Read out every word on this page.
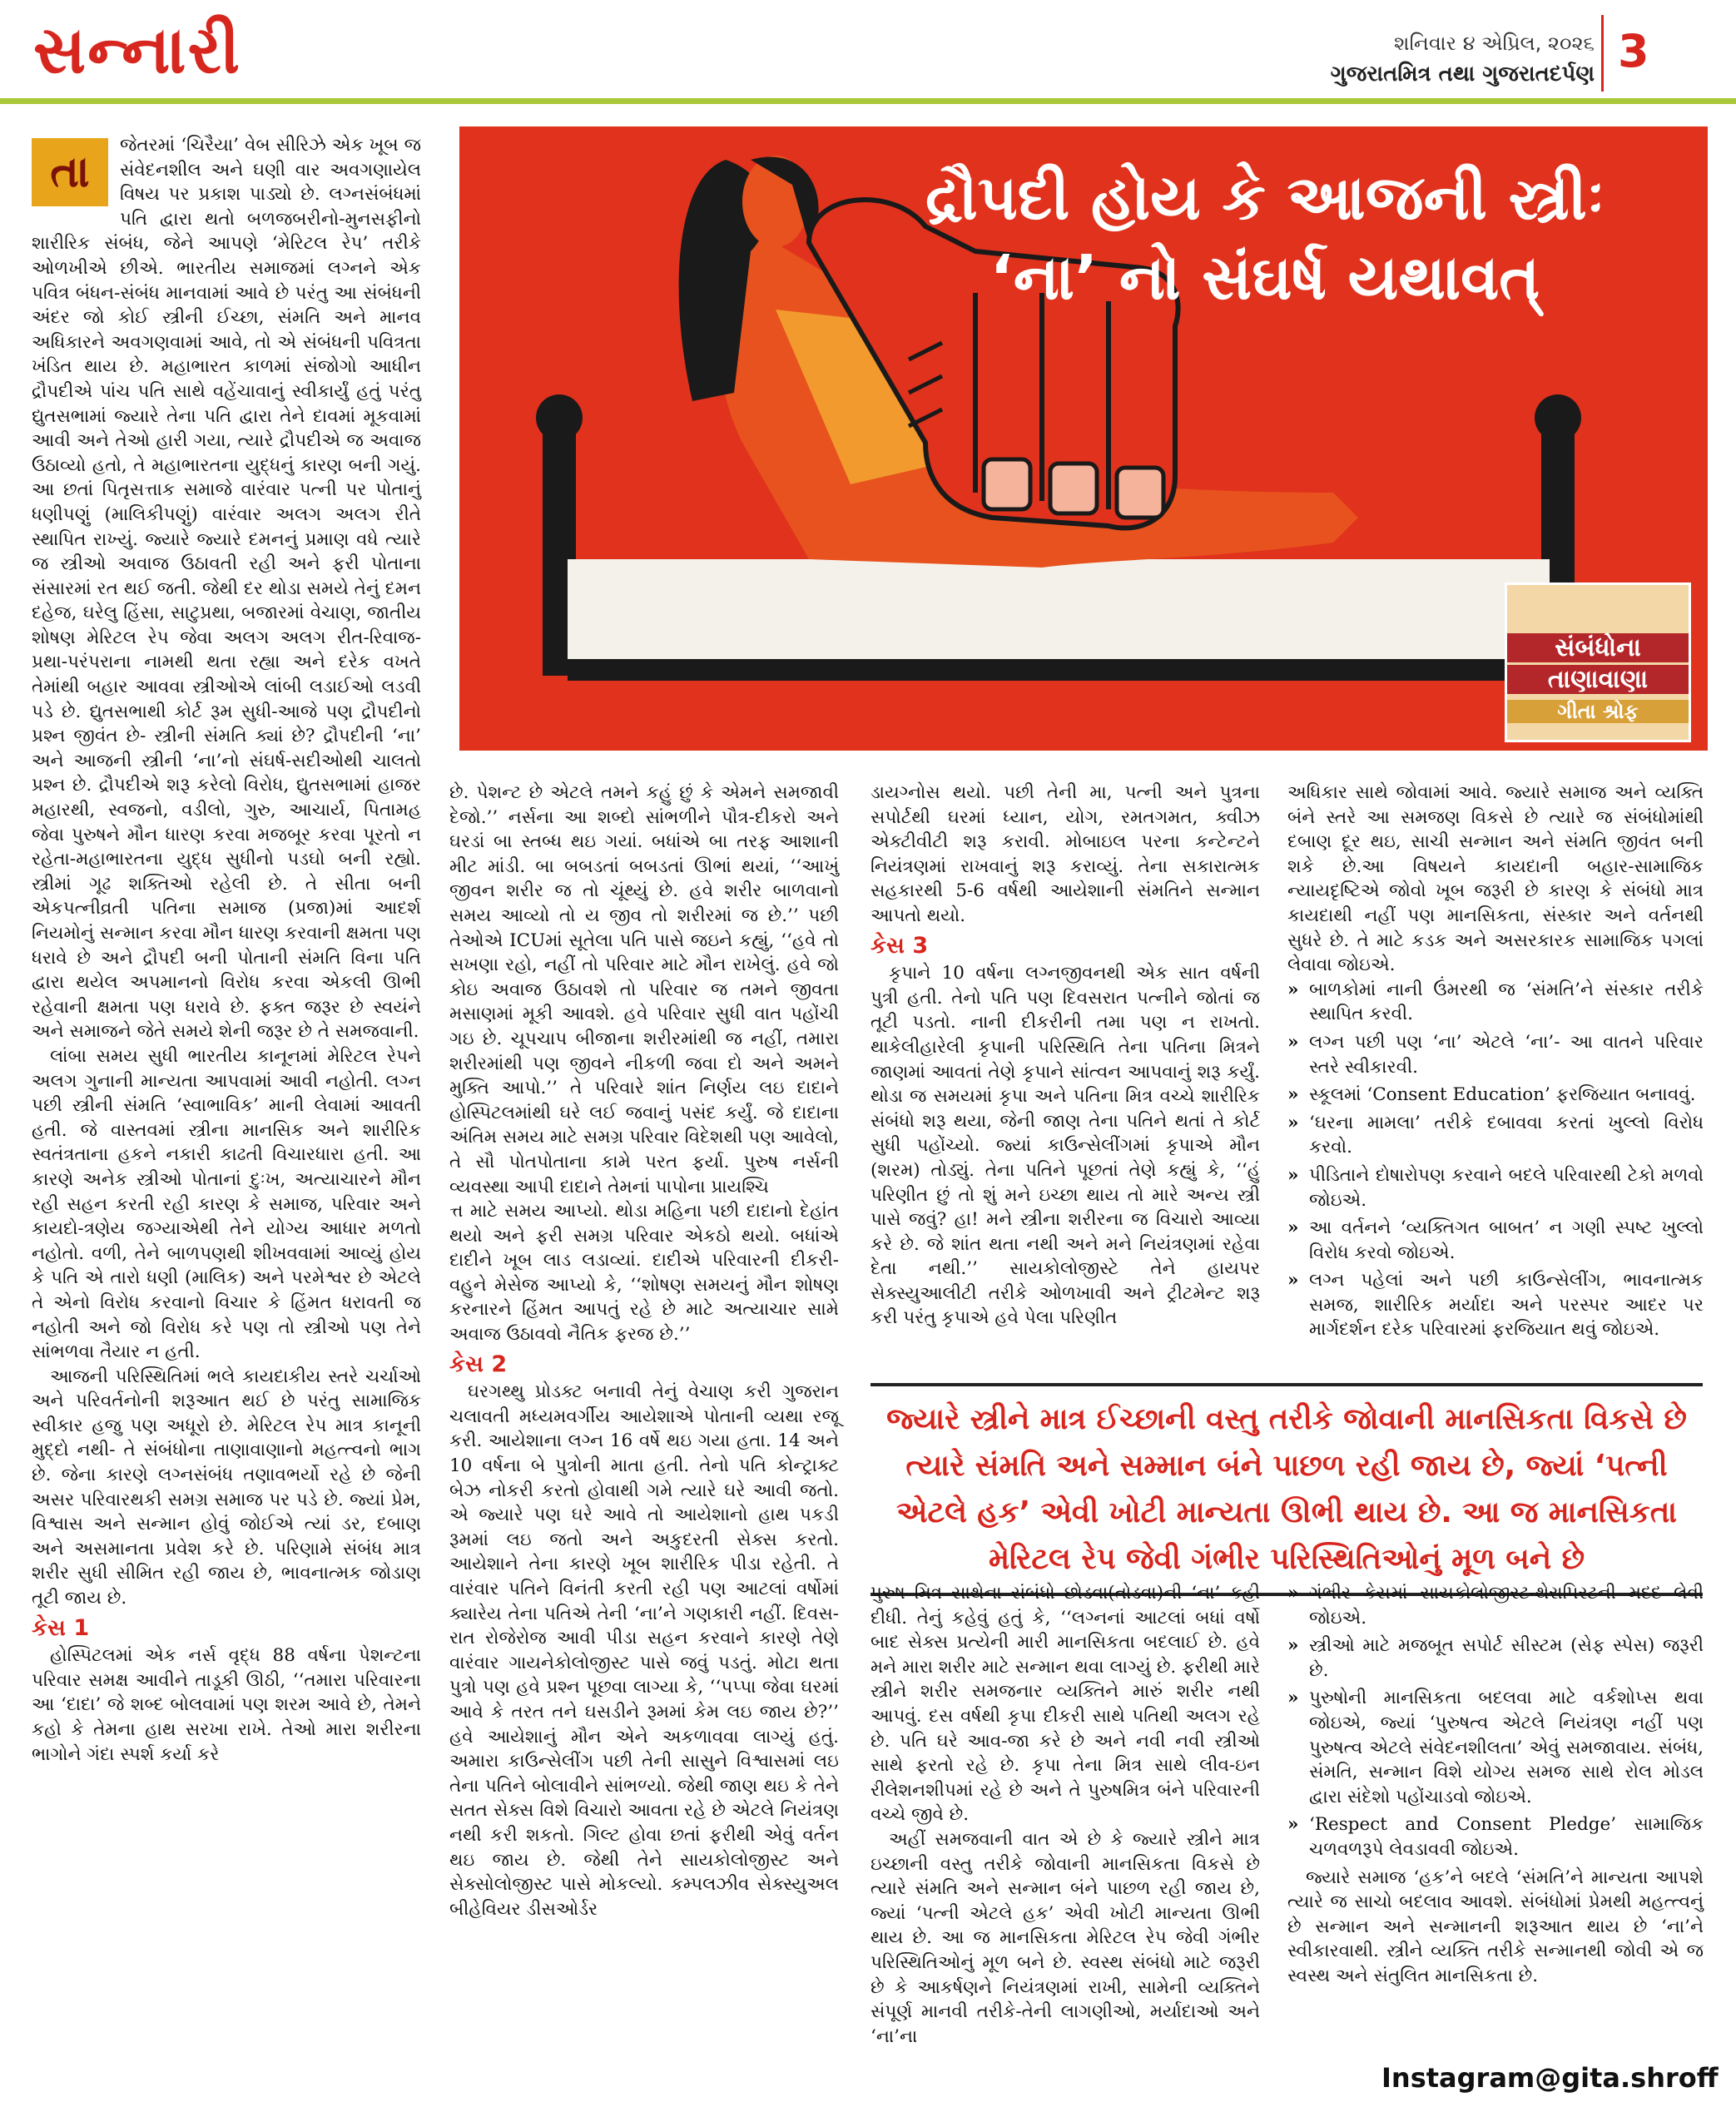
સન્નારી	શનિવાર ૪ એપ્રિલ, ૨૦૨૬
ગુજરાતમિત્ર તથા ગુજરાતદર્પણ 3
દ્રૌપદી હોય કે આજની સ્ત્રીઃ
‘ના’ નો સંઘર્ષ યથાવત્‌
સંબંધોના
તાણાવાણા
ગીતા શ્રોફ
તા

જેતરમાં ‘ચિરૈયા’ વેબ સીરિઝે એક ખૂબ જ સંવેદનશીલ અને ઘણી વાર અવગણાયેલ વિષય પર પ્રકાશ પાડ્યો છે. લગ્નસંબંધમાં પતિ દ્વારા થતો બળજબરીનો-મુનસફીનો શારીરિક સંબંધ, જેને આપણે ‘મેરિટલ રેપ’ તરીકે ઓળખીએ છીએ. ભારતીય સમાજમાં લગ્નને એક પવિત્ર બંધન-સંબંધ માનવામાં આવે છે પરંતુ આ સંબંધની અંદર જો કોઈ સ્ત્રીની ઈચ્છા, સંમતિ અને માનવ અધિકારને અવગણવામાં આવે, તો એ સંબંધની પવિત્રતા ખંડિત થાય છે. મહાભારત કાળમાં સંજોગો આધીન દ્રૌપદીએ પાંચ પતિ સાથે વહેંચાવાનું સ્વીકાર્યું હતું પરંતુ દ્યુતસભામાં જ્યારે તેના પતિ દ્વારા તેને દાવમાં મૂકવામાં આવી અને તેઓ હારી ગયા, ત્યારે દ્રૌપદીએ જ અવાજ ઉઠાવ્યો હતો, તે મહાભારતના યુદ્ધનું કારણ બની ગયું. આ છતાં પિતૃસત્તાક સમાજે વારંવાર પત્ની પર પોતાનું ધણીપણું (માલિકીપણું) વારંવાર અલગ અલગ રીતે સ્થાપિત રાખ્યું. જ્યારે જ્યારે દમનનું પ્રમાણ વધે ત્યારે જ સ્ત્રીઓ અવાજ ઉઠાવતી રહી અને ફરી પોતાના સંસારમાં રત થઈ જતી. જેથી દર થોડા સમયે તેનું દમન દહેજ, ઘરેલુ હિંસા, સાટુપ્રથા, બજારમાં વેચાણ, જાતીય શોષણ મેરિટલ રેપ જેવા અલગ અલગ રીત-રિવાજ-પ્રથા-પરંપરાના નામથી થતા રહ્યા અને દરેક વખતે તેમાંથી બહાર આવવા સ્ત્રીઓએ લાંબી લડાઈઓ લડવી પડે છે. દ્યુતસભાથી કોર્ટ રૂમ સુધી-આજે પણ દ્રૌપદીનો પ્રશ્ન જીવંત છે- સ્ત્રીની સંમતિ ક્યાં છે? દ્રૌપદીની ‘ના’ અને આજની સ્ત્રીની ‘ના’નો સંઘર્ષ-સદીઓથી ચાલતો પ્રશ્ન છે. દ્રૌપદીએ શરૂ કરેલો વિરોધ, દ્યુતસભામાં હાજર મહારથી, સ્વજનો, વડીલો, ગુરુ, આચાર્ય, પિતામહ જેવા પુરુષને મૌન ધારણ કરવા મજબૂર કરવા પૂરતો ન રહેતા-મહાભારતના યુદ્ધ સુધીનો પડઘો બની રહ્યો. સ્ત્રીમાં ગૂઢ શક્તિઓ રહેલી છે. તે સીતા બની એકપત્નીવ્રતી પતિના સમાજ (પ્રજા)માં આદર્શ નિયમોનું સન્માન કરવા મૌન ધારણ કરવાની ક્ષમતા પણ ધરાવે છે અને દ્રૌપદી બની પોતાની સંમતિ વિના પતિ દ્વારા થયેલ અપમાનનો વિરોધ કરવા એકલી ઊભી રહેવાની ક્ષમતા પણ ધરાવે છે. ફક્ત જરૂર છે સ્વયંને અને સમાજને જેતે સમયે શેની જરૂર છે તે સમજવાની.

લાંબા સમય સુધી ભારતીય કાનૂનમાં મેરિટલ રેપને અલગ ગુનાની માન્યતા આપવામાં આવી નહોતી. લગ્ન પછી સ્ત્રીની સંમતિ ‘સ્વાભાવિક’ માની લેવામાં આવતી હતી. જે વાસ્તવમાં સ્ત્રીના માનસિક અને શારીરિક સ્વતંત્રતાના હકને નકારી કાઢતી વિચારધારા હતી. આ કારણે અનેક સ્ત્રીઓ પોતાનાં દુઃખ, અત્યાચારને મૌન રહી સહન કરતી રહી કારણ કે સમાજ, પરિવાર અને કાયદો-ત્રણેય જગ્યાએથી તેને યોગ્ય આધાર મળતો નહોતો. વળી, તેને બાળપણથી શીખવવામાં આવ્યું હોય કે પતિ એ તારો ધણી (માલિક) અને પરમેશ્વર છે એટલે તે એનો વિરોધ કરવાનો વિચાર કે હિંમત ધરાવતી જ નહોતી અને જો વિરોધ કરે પણ તો સ્ત્રીઓ પણ તેને સાંભળવા તૈયાર ન હતી.

આજની પરિસ્થિતિમાં ભલે કાયદાકીય સ્તરે ચર્ચાઓ અને પરિવર્તનોની શરૂઆત થઈ છે પરંતુ સામાજિક સ્વીકાર હજુ પણ અધૂરો છે. મેરિટલ રેપ માત્ર કાનૂની મુદ્દો નથી- તે સંબંધોના તાણાવાણાનો મહત્ત્વનો ભાગ છે. જેના કારણે લગ્નસંબંધ તણાવભર્યો રહે છે જેની અસર પરિવારથકી સમગ્ર સમાજ પર પડે છે. જ્યાં પ્રેમ, વિશ્વાસ અને સન્માન હોવું જોઈએ ત્યાં ડર, દબાણ અને અસમાનતા પ્રવેશ કરે છે. પરિણામે સંબંધ માત્ર શરીર સુધી સીમિત રહી જાય છે, ભાવનાત્મક જોડાણ તૂટી જાય છે.

કેસ 1

હોસ્પિટલમાં એક નર્સ વૃદ્ધ 88 વર્ષના પેશન્ટના પરિવાર સમક્ષ આવીને તાડૂકી ઊઠી, ‘‘તમારા પરિવારના આ ‘દાદા’ જે શબ્દ બોલવામાં પણ શરમ આવે છે, તેમને કહો કે તેમના હાથ સરખા રાખે. તેઓ મારા શરીરના ભાગોને ગંદા સ્પર્શ કર્યા કરે

છે. પેશન્ટ છે એટલે તમને કહું છું કે એમને સમજાવી દેજો.’’ નર્સના આ શબ્દો સાંભળીને પૌત્ર-દીકરો અને ઘરડાં બા સ્તબ્ધ થઇ ગયાં. બધાંએ બા તરફ આશાની મીટ માંડી. બા બબડતાં બબડતાં ઊભાં થયાં, ‘‘આખું જીવન શરીર જ તો ચૂંથ્યું છે. હવે શરીર બાળવાનો સમય આવ્યો તો ય જીવ તો શરીરમાં જ છે.’’ પછી તેઓએ ICUમાં સૂતેલા પતિ પાસે જઇને કહ્યું, ‘‘હવે તો સખણા રહો, નહીં તો પરિવાર માટે મૌન રાખેલું. હવે જો કોઇ અવાજ ઉઠાવશે તો પરિવાર જ તમને જીવતા મસાણમાં મૂકી આવશે. હવે પરિવાર સુધી વાત પહોંચી ગઇ છે. ચૂપચાપ બીજાના શરીરમાંથી જ નહીં, તમારા શરીરમાંથી પણ જીવને નીકળી જવા દો અને અમને મુક્તિ આપો.’’ તે પરિવારે શાંત નિર્ણય લઇ દાદાને હોસ્પિટલમાંથી ઘરે લઈ જવાનું પસંદ કર્યું. જે દાદાના અંતિમ સમય માટે સમગ્ર પરિવાર વિદેશથી પણ આવેલો, તે સૌ પોતપોતાના કામે પરત ફર્યા. પુરુષ નર્સની વ્યવસ્થા આપી દાદાને તેમનાં પાપોના પ્રાયશ્ચિ

ત્ત માટે સમય આપ્યો. થોડા મહિના પછી દાદાનો દેહાંત થયો અને ફરી સમગ્ર પરિવાર એકઠો થયો. બધાંએ દાદીને ખૂબ લાડ લડાવ્યાં. દાદીએ પરિવારની દીકરી-વહુને મેસેજ આપ્યો કે, ‘‘શોષણ સમયનું મૌન શોષણ કરનારને હિંમત આપતું રહે છે માટે અત્યાચાર સામે અવાજ ઉઠાવવો નૈતિક ફરજ છે.’’

કેસ 2

ઘરગથ્થુ પ્રોડક્ટ બનાવી તેનું વેચાણ કરી ગુજરાન ચલાવતી મધ્યમવર્ગીય આયેશાએ પોતાની વ્યથા રજૂ કરી. આયેશાના લગ્ન 16 વર્ષે થઇ ગયા હતા. 14 અને 10 વર્ષના બે પુત્રોની માતા હતી. તેનો પતિ કોન્ટ્રાક્ટ બેઝ નોકરી કરતો હોવાથી ગમે ત્યારે ઘરે આવી જતો. એ જ્યારે પણ ઘરે આવે તો આયેશાનો હાથ પકડી રૂમમાં લઇ જતો અને અકુદરતી સેક્સ કરતો. આયેશાને તેના કારણે ખૂબ શારીરિક પીડા રહેતી. તે વારંવાર પતિને વિનંતી કરતી રહી પણ આટલાં વર્ષોમાં ક્યારેય તેના પતિએ તેની ‘ના’ને ગણકારી નહીં. દિવસ-રાત રોજેરોજ આવી પીડા સહન કરવાને કારણે તેણે વારંવાર ગાયનેકોલોજીસ્ટ પાસે જવું પડતું. મોટા થતા પુત્રો પણ હવે પ્રશ્ન પૂછવા લાગ્યા કે, ‘‘પપ્પા જેવા ઘરમાં આવે કે તરત તને ઘસડીને રૂમમાં કેમ લઇ જાય છે?’’ હવે આયેશાનું મૌન એને અકળાવવા લાગ્યું હતું. અમારા કાઉન્સેલીંગ પછી તેની સાસુને વિશ્વાસમાં લઇ તેના પતિને બોલાવીને સાંભળ્યો. જેથી જાણ થઇ કે તેને સતત સેક્સ વિશે વિચારો આવતા રહે છે એટલે નિયંત્રણ નથી કરી શકતો. ગિલ્ટ હોવા છતાં ફરીથી એવું વર્તન થઇ જાય છે. જેથી તેને સાયકોલોજીસ્ટ અને સેક્સોલોજીસ્ટ પાસે મોકલ્યો. કમ્પલઝીવ સેક્સ્યુઅલ બીહેવિયર ડીસઓર્ડર

ડાયગ્નોસ થયો. પછી તેની મા, પત્ની અને પુત્રના સપોર્ટથી ઘરમાં ધ્યાન, યોગ, રમતગમત, ક્વીઝ એક્ટીવીટી શરૂ કરાવી. મોબાઇલ પરના કન્ટેન્ટને નિયંત્રણમાં રાખવાનું શરૂ કરાવ્યું. તેના સકારાત્મક સહકારથી 5-6 વર્ષથી આયેશાની સંમતિને સન્માન આપતો થયો.

કેસ 3

કૃપાને 10 વર્ષના લગ્નજીવનથી એક સાત વર્ષની પુત્રી હતી. તેનો પતિ પણ દિવસરાત પત્નીને જોતાં જ તૂટી પડતો. નાની દીકરીની તમા પણ ન રાખતો. થાકેલીહારેલી કૃપાની પરિસ્થિતિ તેના પતિના મિત્રને જાણમાં આવતાં તેણે કૃપાને સાંત્વન આપવાનું શરૂ કર્યું. થોડા જ સમયમાં કૃપા અને પતિના મિત્ર વચ્ચે શારીરિક સંબંધો શરૂ થયા, જેની જાણ તેના પતિને થતાં તે કોર્ટ સુધી પહોંચ્યો. જ્યાં કાઉન્સેલીંગમાં કૃપાએ મૌન (શરમ) તોડ્યું. તેના પતિને પૂછતાં તેણે કહ્યું કે, ‘‘હું પરિણીત છું તો શું મને ઇચ્છા થાય તો મારે અન્ય સ્ત્રી પાસે જવું? હા! મને સ્ત્રીના શરીરના જ વિચારો આવ્યા કરે છે. જે શાંત થતા નથી અને મને નિયંત્રણમાં રહેવા દેતા નથી.’’ સાયકોલોજીસ્ટે તેને હાયપર સેક્સ્યુઆલીટી તરીકે ઓળખાવી અને ટ્રીટમેન્ટ શરૂ કરી પરંતુ કૃપાએ હવે પેલા પરિણીત

અધિકાર સાથે જોવામાં આવે. જ્યારે સમાજ અને વ્યક્તિ બંને સ્તરે આ સમજણ વિકસે છે ત્યારે જ સંબંધોમાંથી દબાણ દૂર થઇ, સાચી સન્માન અને સંમતિ જીવંત બની શકે છે.આ વિષયને કાયદાની બહાર-સામાજિક ન્યાયદૃષ્ટિએ જોવો ખૂબ જરૂરી છે કારણ કે સંબંધો માત્ર કાયદાથી નહીં પણ માનસિકતા, સંસ્કાર અને વર્તનથી સુધરે છે. તે માટે કડક અને અસરકારક સામાજિક પગલાં લેવાવા જોઇએ.

» બાળકોમાં નાની ઉંમરથી જ ‘સંમતિ’ને સંસ્કાર તરીકે સ્થાપિત કરવી.
» લગ્ન પછી પણ ‘ના’ એટલે ‘ના’- આ વાતને પરિવાર સ્તરે સ્વીકારવી.
» સ્કૂલમાં ‘Consent Education’ ફરજિયાત બનાવવું.
» ‘ઘરના મામલા’ તરીકે દબાવવા કરતાં ખુલ્લો વિરોધ કરવો.
» પીડિતાને દોષારોપણ કરવાને બદલે પરિવારથી ટેકો મળવો જોઇએ.
» આ વર્તનને ‘વ્યક્તિગત બાબત’ ન ગણી સ્પષ્ટ ખુલ્લો વિરોધ કરવો જોઇએ.
» લગ્ન પહેલાં અને પછી કાઉન્સેલીંગ, ભાવનાત્મક સમજ, શારીરિક મર્યાદા અને પરસ્પર આદર પર માર્ગદર્શન દરેક પરિવારમાં ફરજિયાત થવું જોઇએ.
જ્યારે સ્ત્રીને માત્ર ઈચ્છાની વસ્તુ તરીકે જોવાની માનસિકતા વિકસે છે ત્યારે સંમતિ અને સમ્માન બંને પાછળ રહી જાય છે, જ્યાં ‘પત્ની એટલે હક’ એવી ખોટી માન્યતા ઊભી થાય છે. આ જ માનસિકતા મેરિટલ રેપ જેવી ગંભીર પરિસ્થિતિઓનું મૂળ બને છે

પુરુષ મિત્ર સાથેના સંબંધો છોડવા(તોડવા)ની ‘ના’ કહી દીધી. તેનું કહેવું હતું કે, ‘‘લગ્નનાં આટલાં બધાં વર્ષો બાદ સેક્સ પ્રત્યેની મારી માનસિકતા બદલાઈ છે. હવે મને મારા શરીર માટે સન્માન થવા લાગ્યું છે. ફરીથી મારે સ્ત્રીને શરીર સમજનાર વ્યક્તિને મારું શરીર નથી આપવું. દસ વર્ષથી કૃપા દીકરી સાથે પતિથી અલગ રહે છે. પતિ ઘરે આવ-જા કરે છે અને નવી નવી સ્ત્રીઓ સાથે ફરતો રહે છે. કૃપા તેના મિત્ર સાથે લીવ-ઇન રીલેશનશીપમાં રહે છે અને તે પુરુષમિત્ર બંને પરિવારની વચ્ચે જીવે છે.

અહીં સમજવાની વાત એ છે કે જ્યારે સ્ત્રીને માત્ર ઇચ્છાની વસ્તુ તરીકે જોવાની માનસિકતા વિકસે છે ત્યારે સંમતિ અને સન્માન બંને પાછળ રહી જાય છે, જ્યાં ‘પત્ની એટલે હક’ એવી ખોટી માન્યતા ઊભી થાય છે. આ જ માનસિકતા મેરિટલ રેપ જેવી ગંભીર પરિસ્થિતિઓનું મૂળ બને છે. સ્વસ્થ સંબંધો માટે જરૂરી છે કે આકર્ષણને નિયંત્રણમાં રાખી, સામેની વ્યક્તિને સંપૂર્ણ માનવી તરીકે-તેની લાગણીઓ, મર્યાદાઓ અને ‘ના’ના

» ગંભીર કેસમાં સાયકોલોજીસ્ટ-થેરાપિસ્ટની મદદ લેવી જોઇએ.
» સ્ત્રીઓ માટે મજબૂત સપોર્ટ સીસ્ટમ (સેફ સ્પેસ) જરૂરી છે.
» પુરુષોની માનસિકતા બદલવા માટે વર્કશોપ્સ થવા જોઇએ, જ્યાં ‘પુરુષત્વ એટલે નિયંત્રણ નહીં પણ પુરુષત્વ એટલે સંવેદનશીલતા’ એવું સમજાવાય. સંબંધ, સંમતિ, સન્માન વિશે યોગ્ય સમજ સાથે રોલ મોડલ દ્વારા સંદેશો પહોંચાડવો જોઇએ.
» ‘Respect and Consent Pledge’ સામાજિક ચળવળરૂપે લેવડાવવી જોઇએ.

જ્યારે સમાજ ‘હક’ને બદલે ‘સંમતિ’ને માન્યતા આપશે ત્યારે જ સાચો બદલાવ આવશે. સંબંધોમાં પ્રેમથી મહત્ત્વનું છે સન્માન અને સન્માનની શરૂઆત થાય છે ‘ના’ને સ્વીકારવાથી. સ્ત્રીને વ્યક્તિ તરીકે સન્માનથી જોવી એ જ સ્વસ્થ અને સંતુલિત માનસિકતા છે.

Instagram@gita.shroff
